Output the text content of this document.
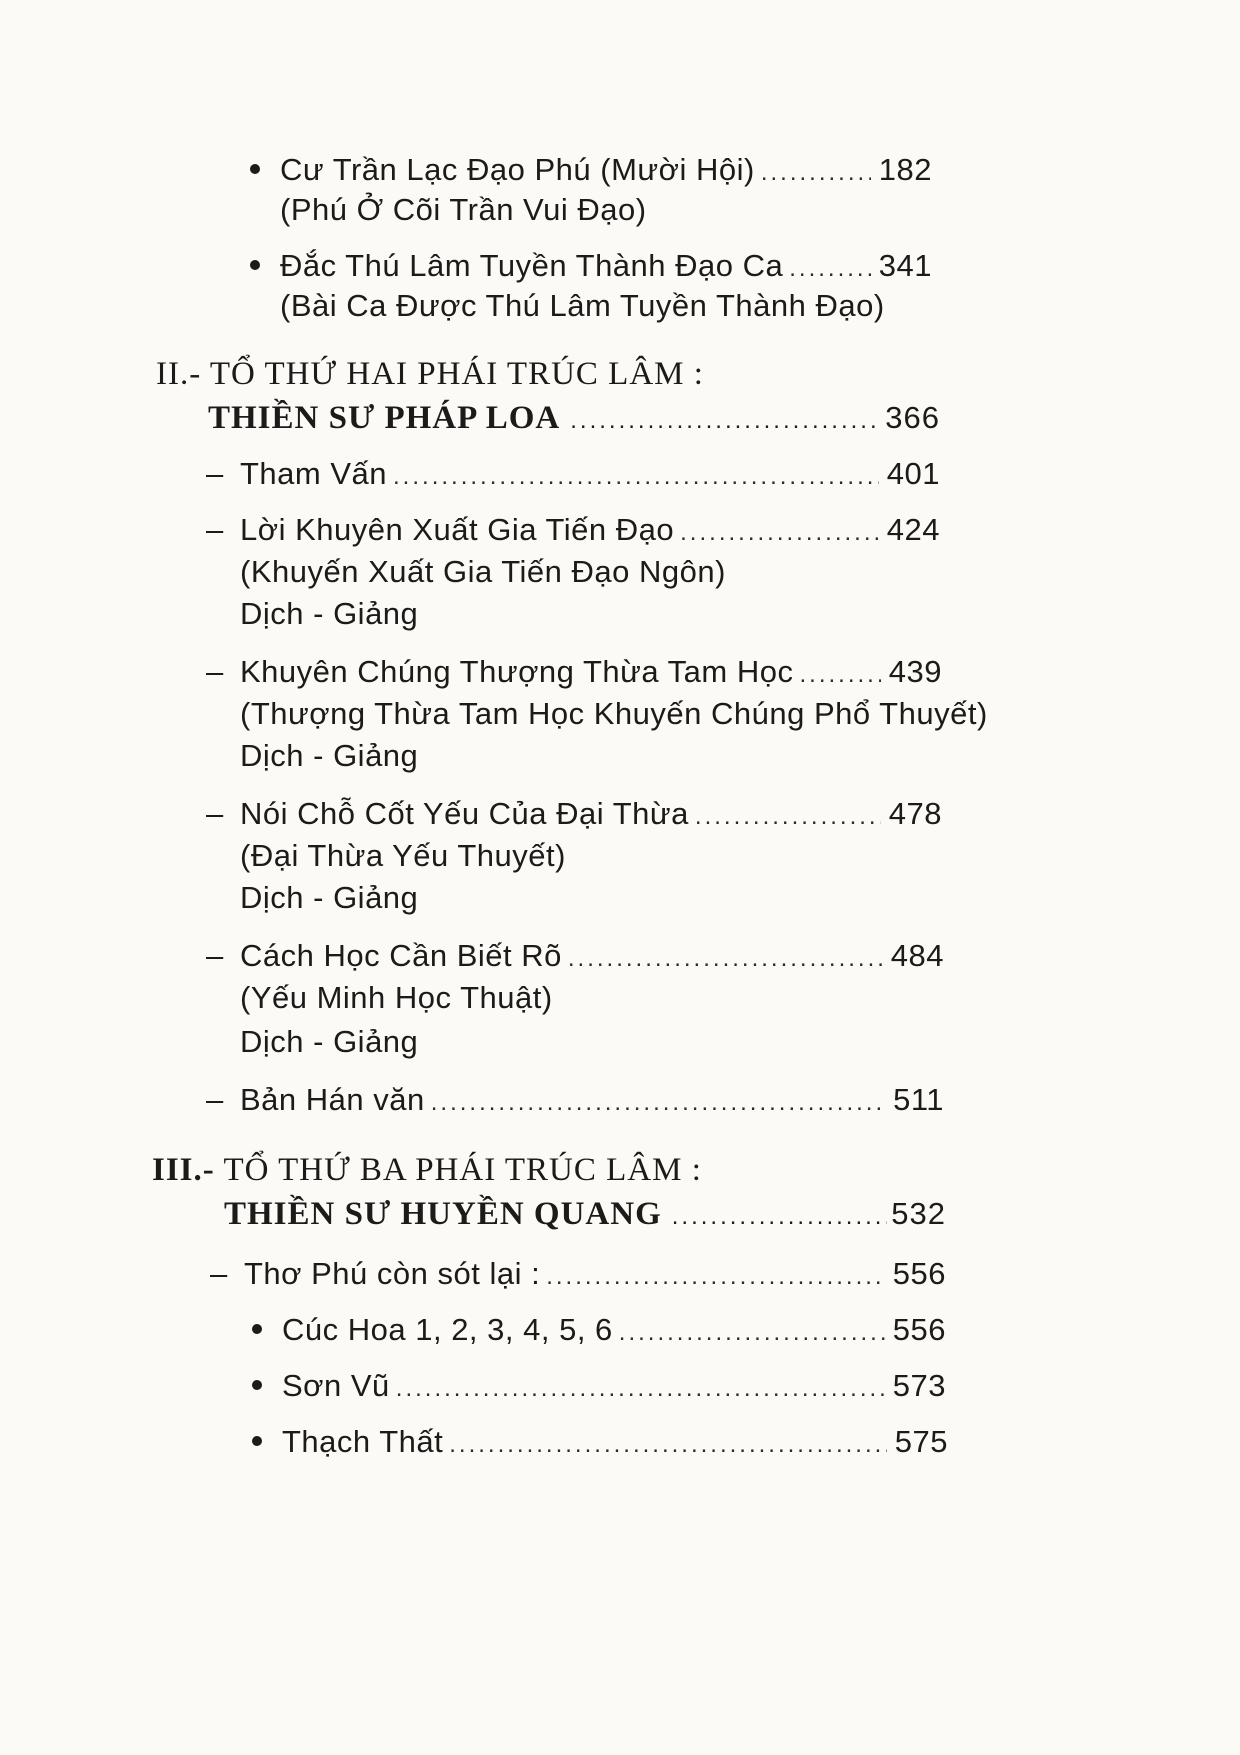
Cư Trần Lạc Đạo Phú (Mười Hội) .....	182
(Phú Ở Cõi Trần Vui Đạo)
Đắc Thú Lâm Tuyền Thành Đạo Ca .....	341
(Bài Ca Được Thú Lâm Tuyền Thành Đạo)
II.- TỔ THỨ HAI PHÁI TRÚC LÂM :
THIỀN SƯ PHÁP LOA .....	366
– Tham Vấn .....	401
– Lời Khuyên Xuất Gia Tiến Đạo .....	424
(Khuyến Xuất Gia Tiến Đạo Ngôn)
Dịch - Giảng
– Khuyên Chúng Thượng Thừa Tam Học .....	439
(Thượng Thừa Tam Học Khuyến Chúng Phổ Thuyết)
Dịch - Giảng
– Nói Chỗ Cốt Yếu Của Đại Thừa .....	478
(Đại Thừa Yếu Thuyết)
Dịch - Giảng
– Cách Học Cần Biết Rõ .....	484
(Yếu Minh Học Thuật)
Dịch - Giảng
– Bản Hán văn .....	511
III.- TỔ THỨ BA PHÁI TRÚC LÂM :
THIỀN SƯ HUYỀN QUANG .....	532
– Thơ Phú còn sót lại : .....	556
Cúc Hoa 1, 2, 3, 4, 5, 6 .....	556
Sơn Vũ .....	573
Thạch Thất .....	575
